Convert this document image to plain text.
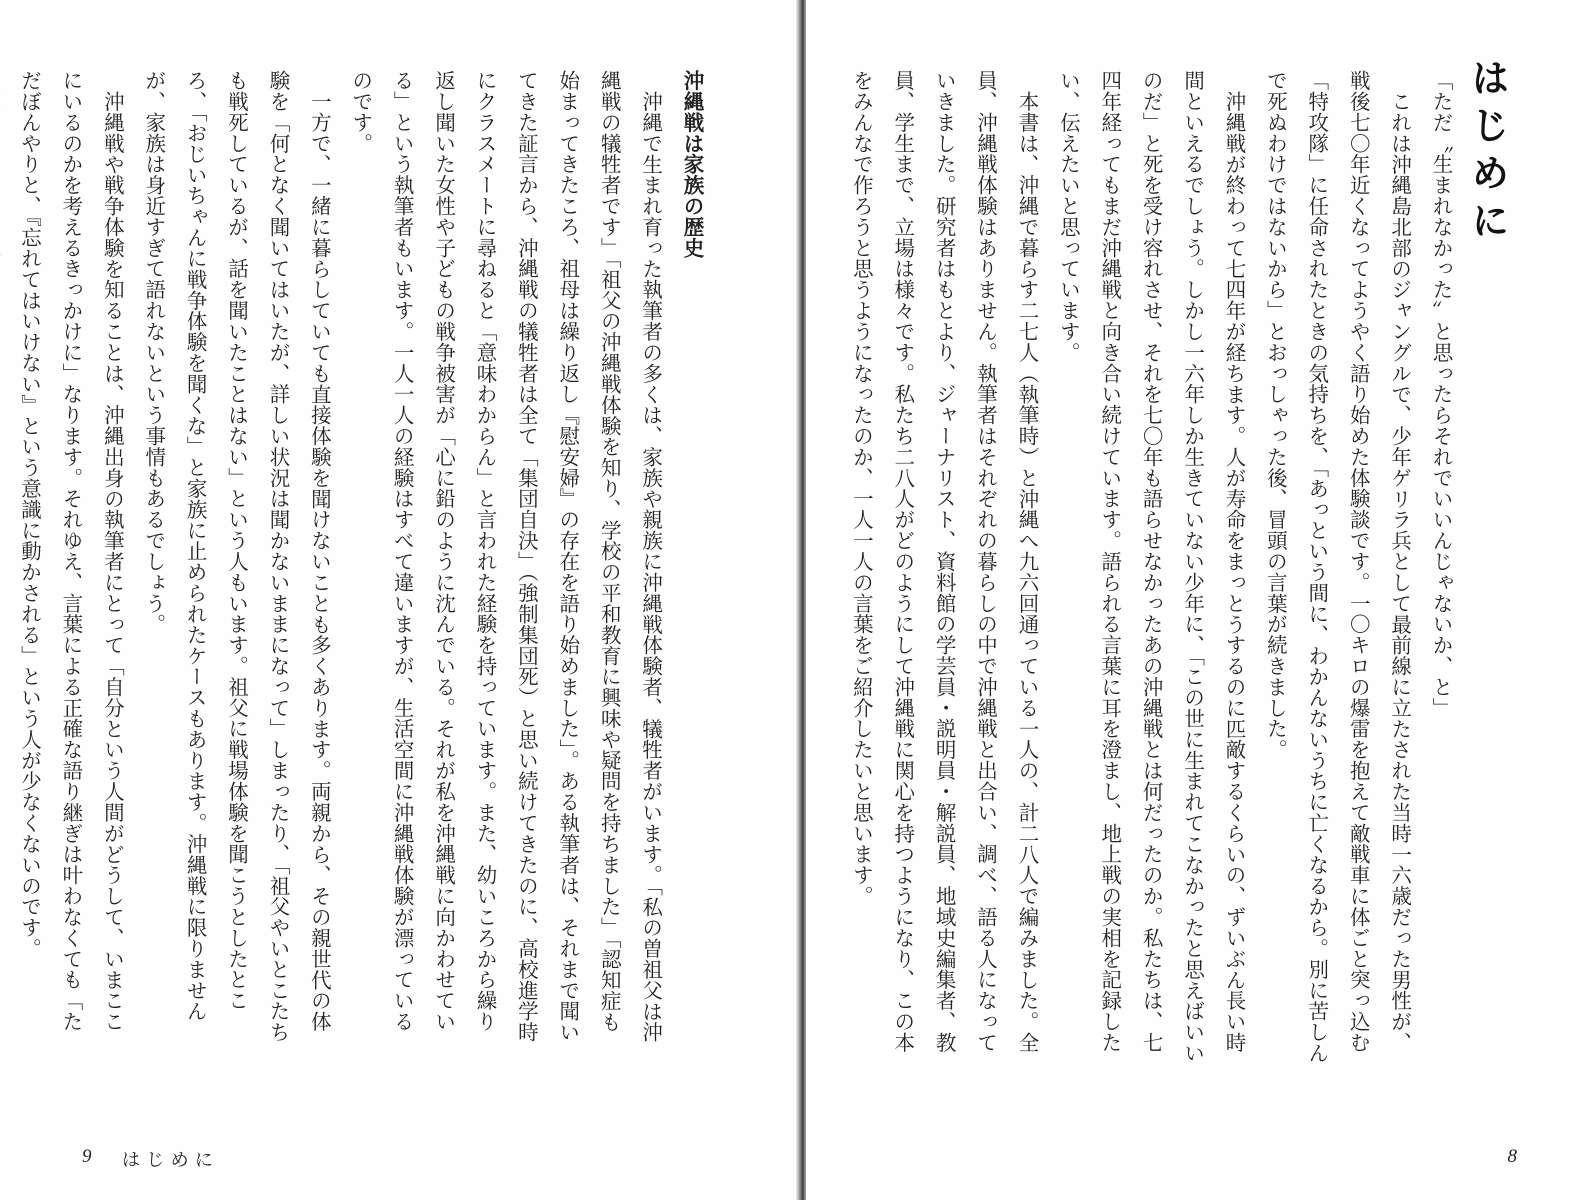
沖縄戦は家族の歴史

沖縄で生まれ育った執筆者の多くは、家族や親族に沖縄戦体験者、犠牲者がいます。「私の曽祖父は沖縄戦の犠牲者です」「祖父の沖縄戦体験を知り、学校の平和教育に興味や疑問を持ちました」「認知症も始まってきたころ、祖母は繰り返し『慰安婦』の存在を語り始めました」。ある執筆者は、それまで聞いてきた証言から、沖縄戦の犠牲者は全て「集団自決」（強制集団死）と思い続けてきたのに、高校進学時にクラスメートに尋ねると「意味わからん」と言われた経験を持っています。また、幼いころから繰り返し聞いた女性や子どもの戦争被害が「心に鉛のように沈んでいる。それが私を沖縄戦に向かわせている」という執筆者もいます。一人一人の経験はすべて違いますが、生活空間に沖縄戦体験が漂っているのです。

一方で、一緒に暮らしていても直接体験を聞けないことも多くあります。両親から、その親世代の体験を「何となく聞いてはいたが、詳しい状況は聞かないままになって」しまったり、「祖父やいとこたちも戦死しているが、話を聞いたことはない」という人もいます。祖父に戦場体験を聞こうとしたところ、「おじいちゃんに戦争体験を聞くな」と家族に止められたケースもあります。沖縄戦に限りませんが、家族は身近すぎて語れないという事情もあるでしょう。

沖縄戦や戦争体験を知ることは、沖縄出身の執筆者にとって「自分という人間がどうして、いまここにいるのかを考えるきっかけに」なります。それゆえ、言葉による正確な語り継ぎは叶わなくても「ただぼんやりと、『忘れてはいけない』という意識に動かされる」という人が少なくないのです。

9 はじめに
はじめに

「ただ〝生まれなかった〟と思ったらそれでいいんじゃないか、と」

これは沖縄島北部のジャングルで、少年ゲリラ兵として最前線に立たされた当時一六歳だった男性が、戦後七〇年近くなってようやく語り始めた体験談です。一〇キロの爆雷を抱えて敵戦車に体ごと突っ込む「特攻隊」に任命されたときの気持ちを、「あっという間に、わかんないうちに亡くなるから。別に苦しんで死ぬわけではないから」とおっしゃった後、冒頭の言葉が続きました。

沖縄戦が終わって七四年が経ちます。人が寿命をまっとうするのに匹敵するくらいの、ずいぶん長い時間といえるでしょう。しかし一六年しか生きていない少年に、「この世に生まれてこなかったと思えばいいのだ」と死を受け容れさせ、それを七〇年も語らせなかったあの沖縄戦とは何だったのか。私たちは、七四年経ってもまだ沖縄戦と向き合い続けています。語られる言葉に耳を澄まし、地上戦の実相を記録したい、伝えたいと思っています。

本書は、沖縄で暮らす二七人（執筆時）と沖縄へ九六回通っている一人の、計二八人で編みました。全員、沖縄戦体験はありません。執筆者はそれぞれの暮らしの中で沖縄戦と出合い、調べ、語る人になっていきました。研究者はもとより、ジャーナリスト、資料館の学芸員・説明員・解説員、地域史編集者、教員、学生まで、立場は様々です。私たち二八人がどのようにして沖縄戦に関心を持つようになり、この本をみんなで作ろうと思うようになったのか、一人一人の言葉をご紹介したいと思います。

8
